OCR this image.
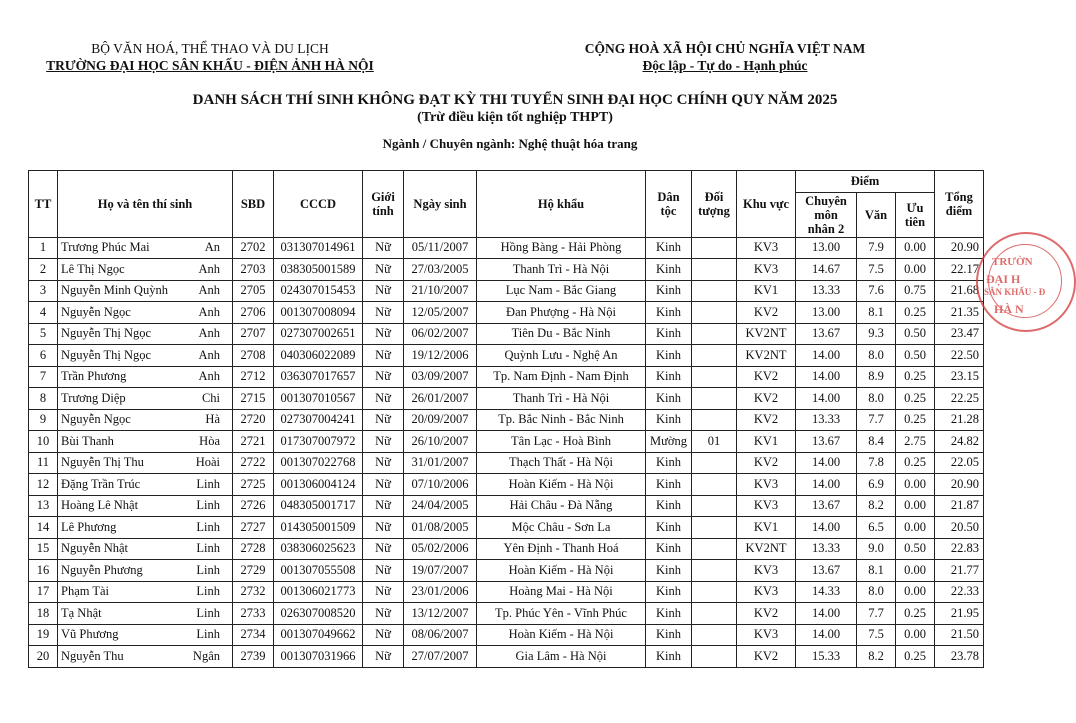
BỘ VĂN HOÁ, THỂ THAO VÀ DU LỊCH
TRƯỜNG ĐẠI HỌC SÂN KHẤU - ĐIỆN ẢNH HÀ NỘI
CỘNG HOÀ XÃ HỘI CHỦ NGHĨA VIỆT NAM
Độc lập - Tự do - Hạnh phúc
DANH SÁCH THÍ SINH KHÔNG ĐẠT KỲ THI TUYỂN SINH ĐẠI HỌC CHÍNH QUY NĂM 2025
(Trừ điều kiện tốt nghiệp THPT)
Ngành / Chuyên ngành: Nghệ thuật hóa trang
TT	Họ và tên thí sinh	SBD	CCCD	Giới tính	Ngày sinh	Hộ khẩu	Dân tộc	Đối tượng	Khu vực	Điểm			Tổng điểm
										Chuyên môn nhân 2	Văn	Ưu tiên	
1	Trương Phúc Mai An	2702	031307014961	Nữ	05/11/2007	Hồng Bàng - Hải Phòng	Kinh		KV3	13.00	7.9	0.00	20.90
2	Lê Thị Ngọc Anh	2703	038305001589	Nữ	27/03/2005	Thanh Trì - Hà Nội	Kinh		KV3	14.67	7.5	0.00	22.17
3	Nguyễn Minh Quỳnh Anh	2705	024307015453	Nữ	21/10/2007	Lục Nam - Bắc Giang	Kinh		KV1	13.33	7.6	0.75	21.68
4	Nguyễn Ngọc Anh	2706	001307008094	Nữ	12/05/2007	Đan Phượng - Hà Nội	Kinh		KV2	13.00	8.1	0.25	21.35
5	Nguyễn Thị Ngọc Anh	2707	027307002651	Nữ	06/02/2007	Tiên Du - Bắc Ninh	Kinh		KV2NT	13.67	9.3	0.50	23.47
6	Nguyễn Thị Ngọc Anh	2708	040306022089	Nữ	19/12/2006	Quỳnh Lưu - Nghệ An	Kinh		KV2NT	14.00	8.0	0.50	22.50
7	Trần Phương Anh	2712	036307017657	Nữ	03/09/2007	Tp. Nam Định - Nam Định	Kinh		KV2	14.00	8.9	0.25	23.15
8	Trương Diệp Chi	2715	001307010567	Nữ	26/01/2007	Thanh Trì - Hà Nội	Kinh		KV2	14.00	8.0	0.25	22.25
9	Nguyễn Ngọc Hà	2720	027307004241	Nữ	20/09/2007	Tp. Bắc Ninh - Bắc Ninh	Kinh		KV2	13.33	7.7	0.25	21.28
10	Bùi Thanh Hòa	2721	017307007972	Nữ	26/10/2007	Tân Lạc - Hoà Bình	Mường	01	KV1	13.67	8.4	2.75	24.82
11	Nguyễn Thị Thu Hoài	2722	001307022768	Nữ	31/01/2007	Thạch Thất - Hà Nội	Kinh		KV2	14.00	7.8	0.25	22.05
12	Đặng Trần Trúc Linh	2725	001306004124	Nữ	07/10/2006	Hoàn Kiếm - Hà Nội	Kinh		KV3	14.00	6.9	0.00	20.90
13	Hoàng Lê Nhật Linh	2726	048305001717	Nữ	24/04/2005	Hải Châu - Đà Nẵng	Kinh		KV3	13.67	8.2	0.00	21.87
14	Lê Phương Linh	2727	014305001509	Nữ	01/08/2005	Mộc Châu - Sơn La	Kinh		KV1	14.00	6.5	0.00	20.50
15	Nguyễn Nhật Linh	2728	038306025623	Nữ	05/02/2006	Yên Định - Thanh Hoá	Kinh		KV2NT	13.33	9.0	0.50	22.83
16	Nguyễn Phương Linh	2729	001307055508	Nữ	19/07/2007	Hoàn Kiếm - Hà Nội	Kinh		KV3	13.67	8.1	0.00	21.77
17	Phạm Tài Linh	2732	001306021773	Nữ	23/01/2006	Hoàng Mai - Hà Nội	Kinh		KV3	14.33	8.0	0.00	22.33
18	Tạ Nhật Linh	2733	026307008520	Nữ	13/12/2007	Tp. Phúc Yên - Vĩnh Phúc	Kinh		KV2	14.00	7.7	0.25	21.95
19	Vũ Phương Linh	2734	001307049662	Nữ	08/06/2007	Hoàn Kiếm - Hà Nội	Kinh		KV3	14.00	7.5	0.00	21.50
20	Nguyễn Thu Ngân	2739	001307031966	Nữ	27/07/2007	Gia Lâm - Hà Nội	Kinh		KV2	15.33	8.2	0.25	23.78
TRƯỜN
ĐẠI H
SÂN KHẤU - Đ
HÀ N
